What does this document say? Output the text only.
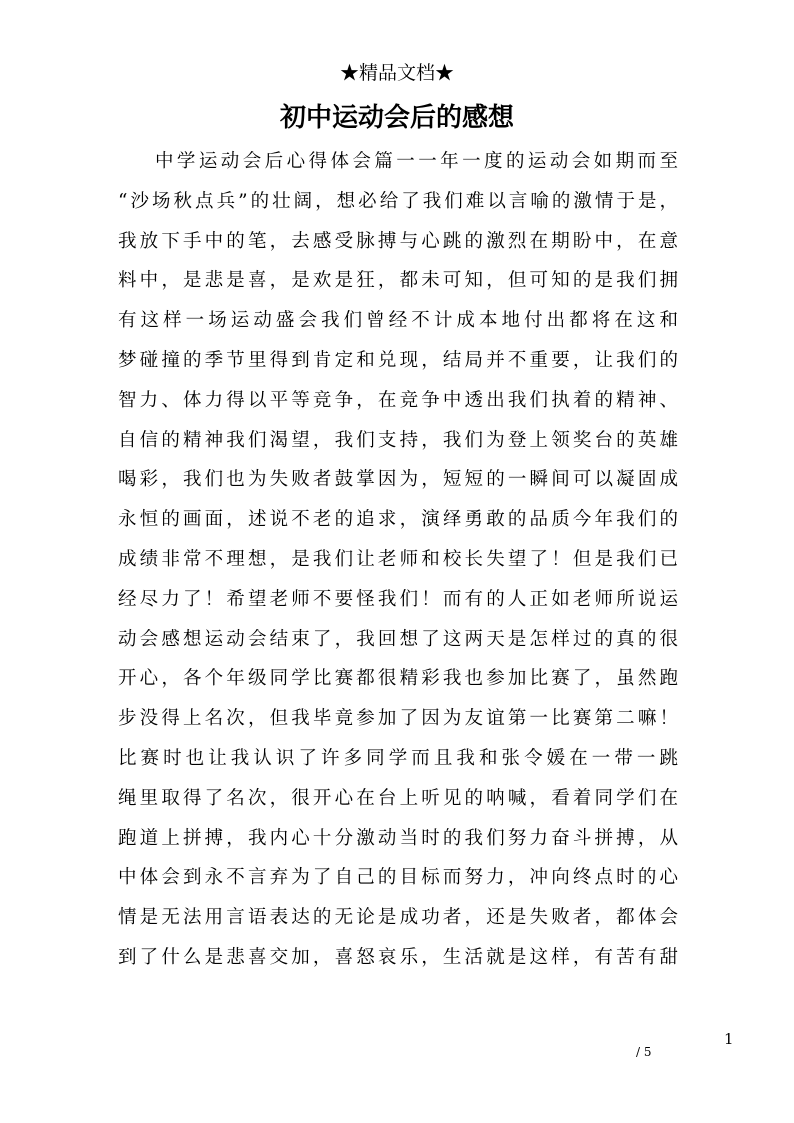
★精品文档★
初中运动会后的感想
中学运动会后心得体会篇一一年一度的运动会如期而至
“沙场秋点兵”的壮阔，想必给了我们难以言喻的激情于是，
我放下手中的笔，去感受脉搏与心跳的激烈在期盼中，在意
料中，是悲是喜，是欢是狂，都未可知，但可知的是我们拥
有这样一场运动盛会我们曾经不计成本地付出都将在这和
梦碰撞的季节里得到肯定和兑现，结局并不重要，让我们的
智力、体力得以平等竞争，在竞争中透出我们执着的精神、
自信的精神我们渴望，我们支持，我们为登上领奖台的英雄
喝彩，我们也为失败者鼓掌因为，短短的一瞬间可以凝固成
永恒的画面，述说不老的追求，演绎勇敢的品质今年我们的
成绩非常不理想，是我们让老师和校长失望了！但是我们已
经尽力了！希望老师不要怪我们！而有的人正如老师所说运
动会感想运动会结束了，我回想了这两天是怎样过的真的很
开心，各个年级同学比赛都很精彩我也参加比赛了，虽然跑
步没得上名次，但我毕竟参加了因为友谊第一比赛第二嘛！
比赛时也让我认识了许多同学而且我和张令媛在一带一跳
绳里取得了名次，很开心在台上听见的呐喊，看着同学们在
跑道上拼搏，我内心十分激动当时的我们努力奋斗拼搏，从
中体会到永不言弃为了自己的目标而努力，冲向终点时的心
情是无法用言语表达的无论是成功者，还是失败者，都体会
到了什么是悲喜交加，喜怒哀乐，生活就是这样，有苦有甜
1
/ 5
